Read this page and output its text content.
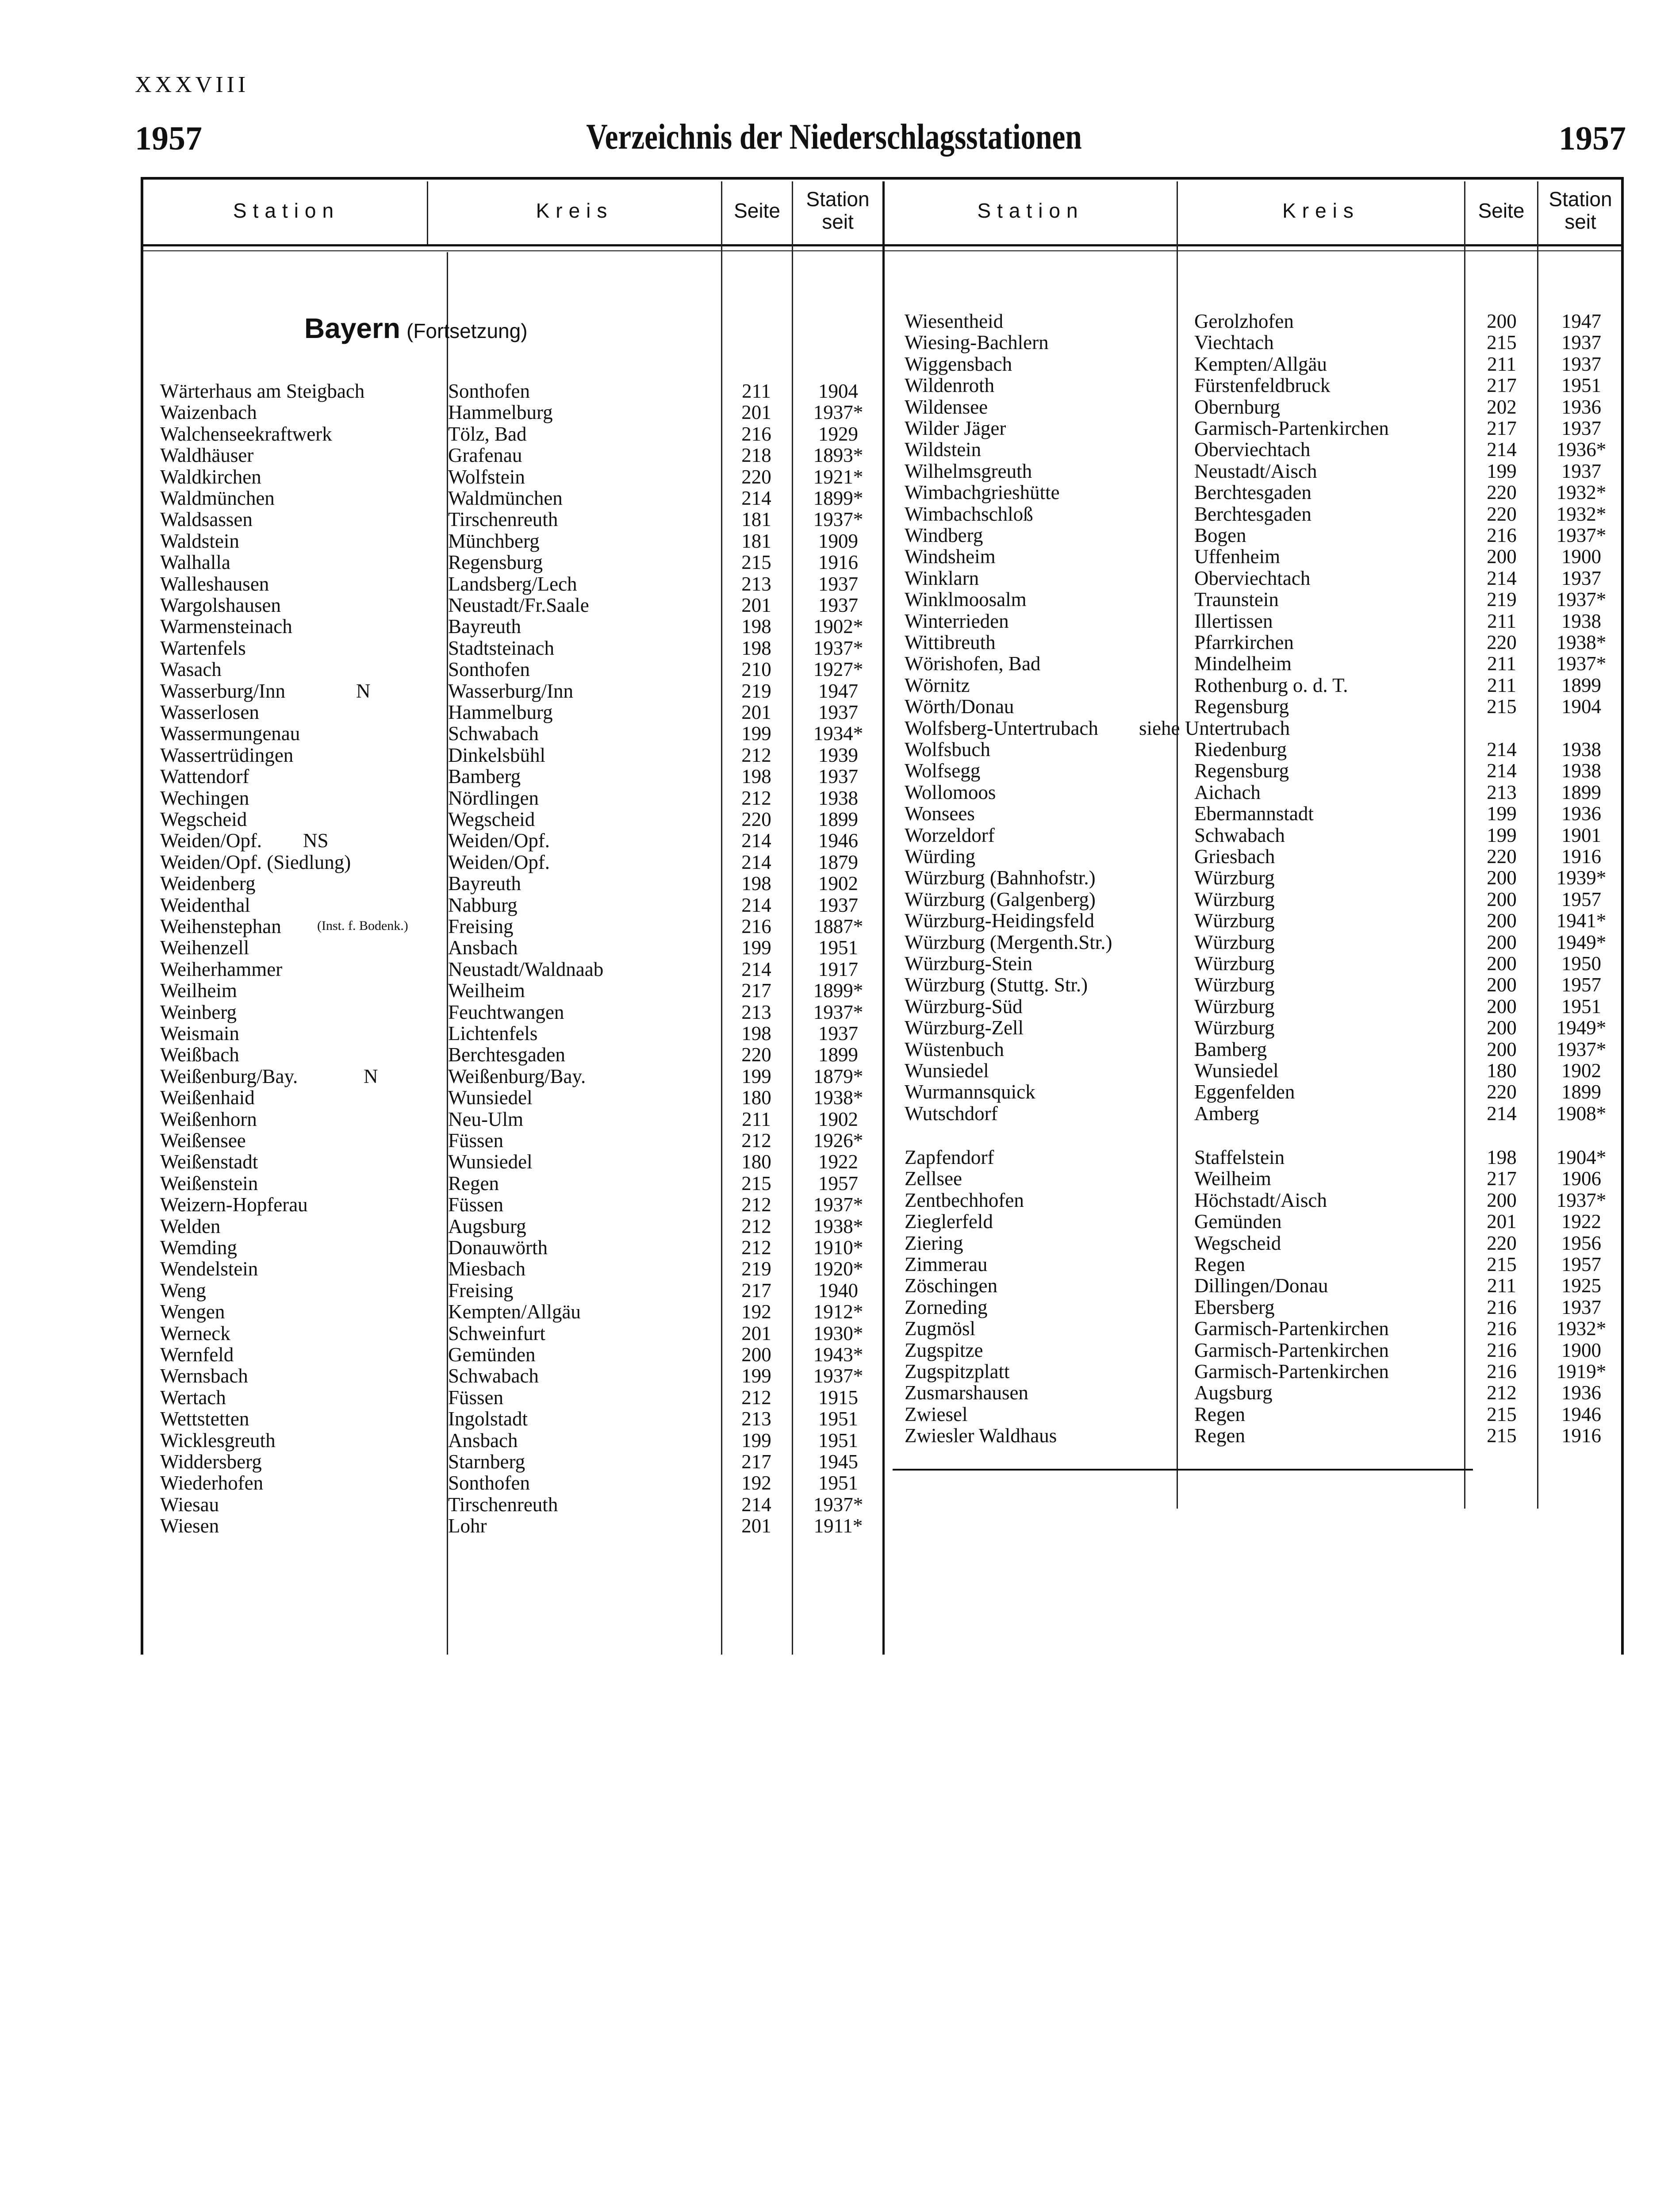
XXXVIII
1957	Verzeichnis der Niederschlagsstationen	1957
Station	Kreis	Seite	Station seit	Station	Kreis	Seite	Station seit
Bayern (Fortsetzung)
Wärterhaus am Steigbach	Sonthofen	211	1904
Waizenbach	Hammelburg	201	1937*
Walchenseekraftwerk	Tölz, Bad	216	1929
Waldhäuser	Grafenau	218	1893*
Waldkirchen	Wolfstein	220	1921*
Waldmünchen	Waldmünchen	214	1899*
Waldsassen	Tirschenreuth	181	1937*
Waldstein	Münchberg	181	1909
Walhalla	Regensburg	215	1916
Walleshausen	Landsberg/Lech	213	1937
Wargolshausen	Neustadt/Fr.Saale	201	1937
Warmensteinach	Bayreuth	198	1902*
Wartenfels	Stadtsteinach	198	1937*
Wasach	Sonthofen	210	1927*
Wasserburg/Inn	N	Wasserburg/Inn	219	1947
Wasserlosen	Hammelburg	201	1937
Wassermungenau	Schwabach	199	1934*
Wassertrüdingen	Dinkelsbühl	212	1939
Wattendorf	Bamberg	198	1937
Wechingen	Nördlingen	212	1938
Wegscheid	Wegscheid	220	1899
Weiden/Opf. NS	Weiden/Opf.	214	1946
Weiden/Opf. (Siedlung)	Weiden/Opf.	214	1879
Weidenberg	Bayreuth	198	1902
Weidenthal	Nabburg	214	1937
Weihenstephan	(Inst. f. Bodenk.) Freising	216	1887*
Weihenzell	Ansbach	199	1951
Weiherhammer	Neustadt/Waldnaab	214	1917
Weilheim	Weilheim	217	1899*
Weinberg	Feuchtwangen	213	1937*
Weismain	Lichtenfels	198	1937
Weißbach	Berchtesgaden	220	1899
Weißenburg/Bay.	N	Weißenburg/Bay.	199	1879*
Weißenhaid	Wunsiedel	180	1938*
Weißenhorn	Neu-Ulm	211	1902
Weißensee	Füssen	212	1926*
Weißenstadt	Wunsiedel	180	1922
Weißenstein	Regen	215	1957
Weizern-Hopferau	Füssen	212	1937*
Welden	Augsburg	212	1938*
Wemding	Donauwörth	212	1910*
Wendelstein	Miesbach	219	1920*
Weng	Freising	217	1940
Wengen	Kempten/Allgäu	192	1912*
Werneck	Schweinfurt	201	1930*
Wernfeld	Gemünden	200	1943*
Wernsbach	Schwabach	199	1937*
Wertach	Füssen	212	1915
Wettstetten	Ingolstadt	213	1951
Wicklesgreuth	Ansbach	199	1951
Widdersberg	Starnberg	217	1945
Wiederhofen	Sonthofen	192	1951
Wiesau	Tirschenreuth	214	1937*
Wiesen	Lohr	201	1911*
Wiesentheid	Gerolzhofen	200	1947
Wiesing-Bachlern	Viechtach	215	1937
Wiggensbach	Kempten/Allgäu	211	1937
Wildenroth	Fürstenfeldbruck	217	1951
Wildensee	Obernburg	202	1936
Wilder Jäger	Garmisch-Partenkirchen	217	1937
Wildstein	Oberviechtach	214	1936*
Wilhelmsgreuth	Neustadt/Aisch	199	1937
Wimbachgrieshütte	Berchtesgaden	220	1932*
Wimbachschloß	Berchtesgaden	220	1932*
Windberg	Bogen	216	1937*
Windsheim	Uffenheim	200	1900
Winklarn	Oberviechtach	214	1937
Winklmoosalm	Traunstein	219	1937*
Winterrieden	Illertissen	211	1938
Wittibreuth	Pfarrkirchen	220	1938*
Wörishofen, Bad	Mindelheim	211	1937*
Wörnitz	Rothenburg o. d. T.	211	1899
Wörth/Donau	Regensburg	215	1904
Wolfsberg-Untertrubach siehe Untertrubach
Wolfsbuch	Riedenburg	214	1938
Wolfsegg	Regensburg	214	1938
Wollomoos	Aichach	213	1899
Wonsees	Ebermannstadt	199	1936
Worzeldorf	Schwabach	199	1901
Würding	Griesbach	220	1916
Würzburg (Bahnhofstr.)	Würzburg	200	1939*
Würzburg (Galgenberg)	Würzburg	200	1957
Würzburg-Heidingsfeld	Würzburg	200	1941*
Würzburg (Mergenth.Str.)	Würzburg	200	1949*
Würzburg-Stein	Würzburg	200	1950
Würzburg (Stuttg. Str.)	Würzburg	200	1957
Würzburg-Süd	Würzburg	200	1951
Würzburg-Zell	Würzburg	200	1949*
Wüstenbuch	Bamberg	200	1937*
Wunsiedel	Wunsiedel	180	1902
Wurmannsquick	Eggenfelden	220	1899
Wutschdorf	Amberg	214	1908*
Zapfendorf	Staffelstein	198	1904*
Zellsee	Weilheim	217	1906
Zentbechhofen	Höchstadt/Aisch	200	1937*
Zieglerfeld	Gemünden	201	1922
Ziering	Wegscheid	220	1956
Zimmerau	Regen	215	1957
Zöschingen	Dillingen/Donau	211	1925
Zorneding	Ebersberg	216	1937
Zugmösl	Garmisch-Partenkirchen	216	1932*
Zugspitze	Garmisch-Partenkirchen	216	1900
Zugspitzplatt	Garmisch-Partenkirchen	216	1919*
Zusmarshausen	Augsburg	212	1936
Zwiesel	Regen	215	1946
Zwiesler Waldhaus	Regen	215	1916
